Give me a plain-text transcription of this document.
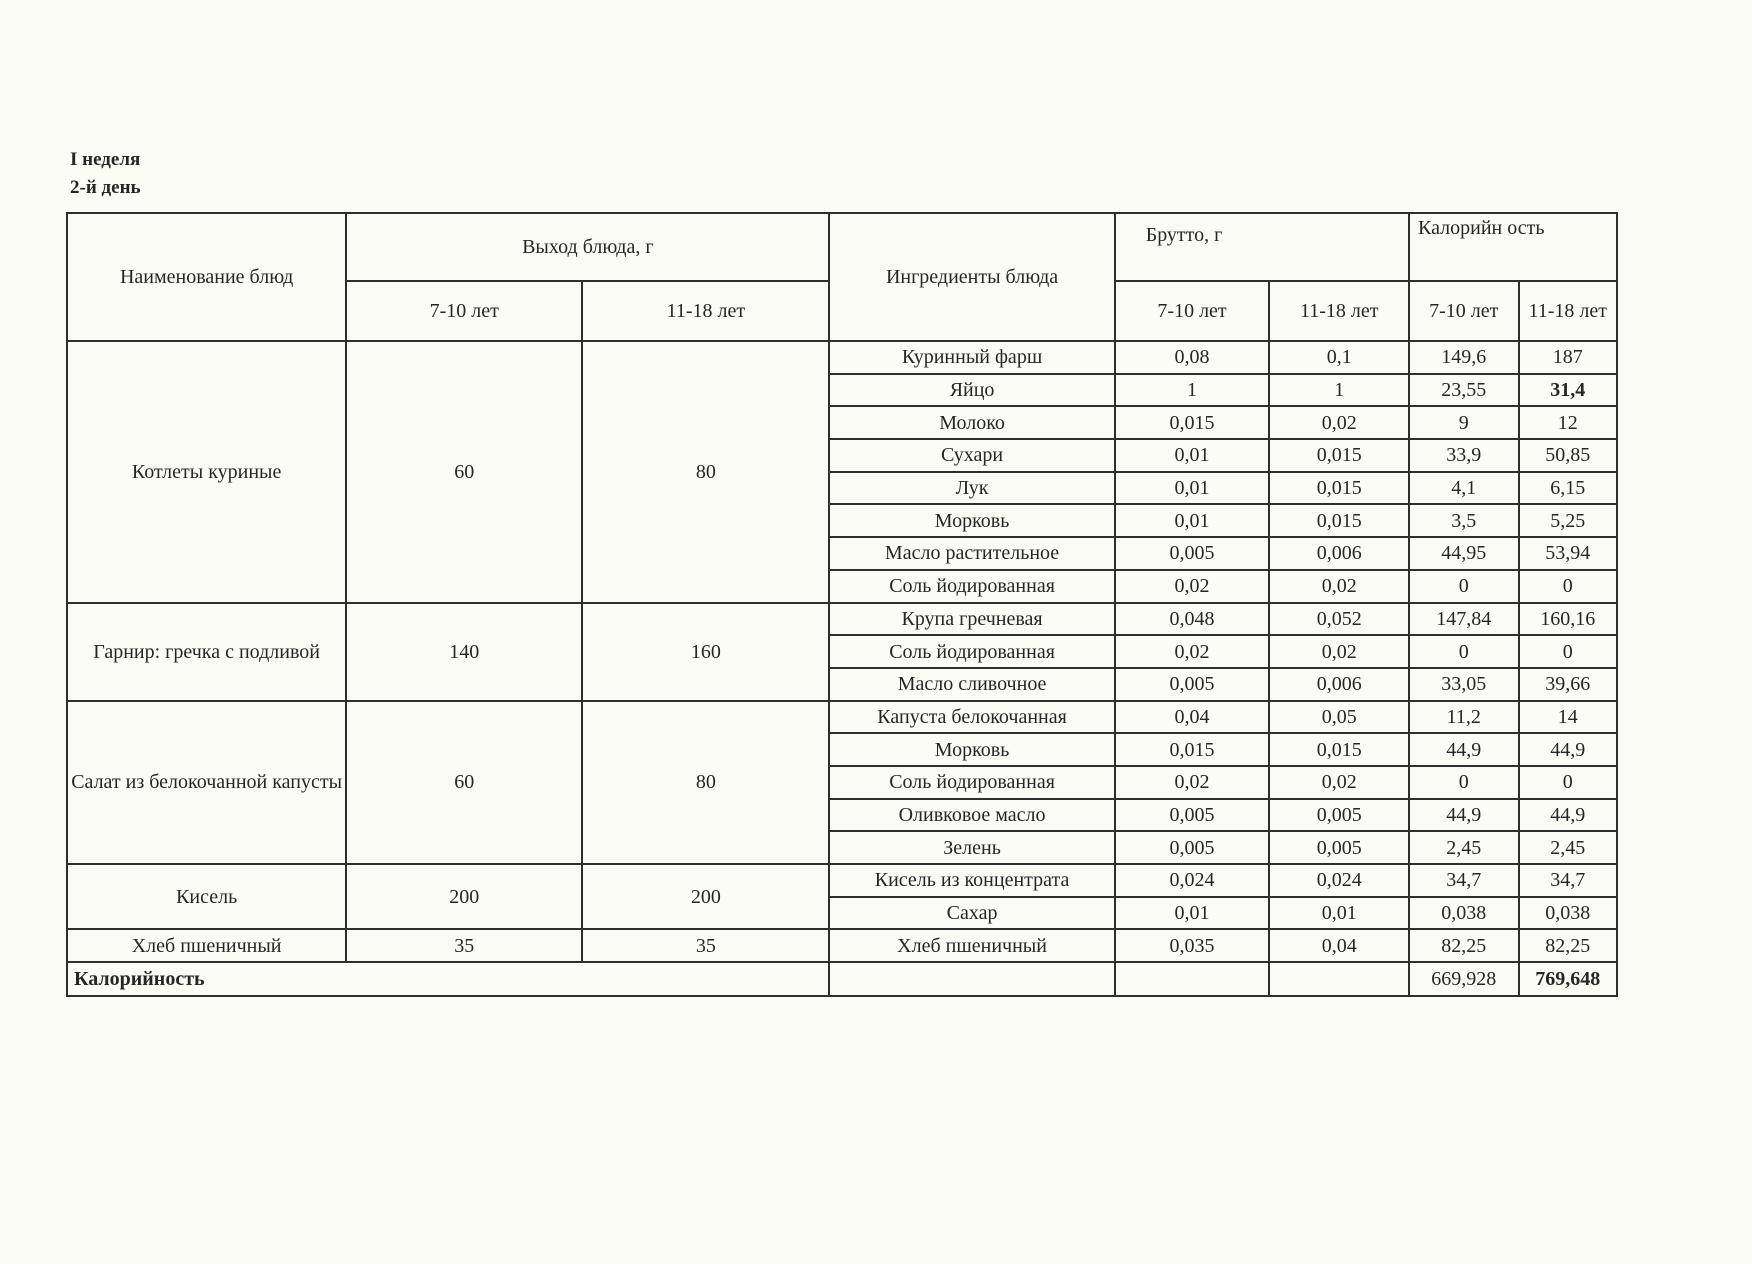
I неделя
2-й день
Наименование блюд	Выход блюда, г		Ингредиенты блюда	Брутто, г		Калорийн ость	

	7-10 лет	11-18 лет		7-10 лет	11-18 лет	7-10 лет	11-18 лет
Котлеты куриные	60	80	Куринный фарш	0,08	0,1	149,6	187
			Яйцо	1	1	23,55	31,4
			Молоко	0,015	0,02	9	12
			Сухари	0,01	0,015	33,9	50,85
			Лук	0,01	0,015	4,1	6,15
			Морковь	0,01	0,015	3,5	5,25
			Масло растительное	0,005	0,006	44,95	53,94
			Соль йодированная	0,02	0,02	0	0
Гарнир: гречка с подливой	140	160	Крупа гречневая	0,048	0,052	147,84	160,16
			Соль йодированная	0,02	0,02	0	0
			Масло сливочное	0,005	0,006	33,05	39,66
Салат из белокочанной капусты	60	80	Капуста белокочанная	0,04	0,05	11,2	14
			Морковь	0,015	0,015	44,9	44,9
			Соль йодированная	0,02	0,02	0	0
			Оливковое масло	0,005	0,005	44,9	44,9
			Зелень	0,005	0,005	2,45	2,45
Кисель	200	200	Кисель из концентрата	0,024	0,024	34,7	34,7
			Сахар	0,01	0,01	0,038	0,038
Хлеб пшеничный	35	35	Хлеб пшеничный	0,035	0,04	82,25	82,25
Калорийность						669,928	769,648
